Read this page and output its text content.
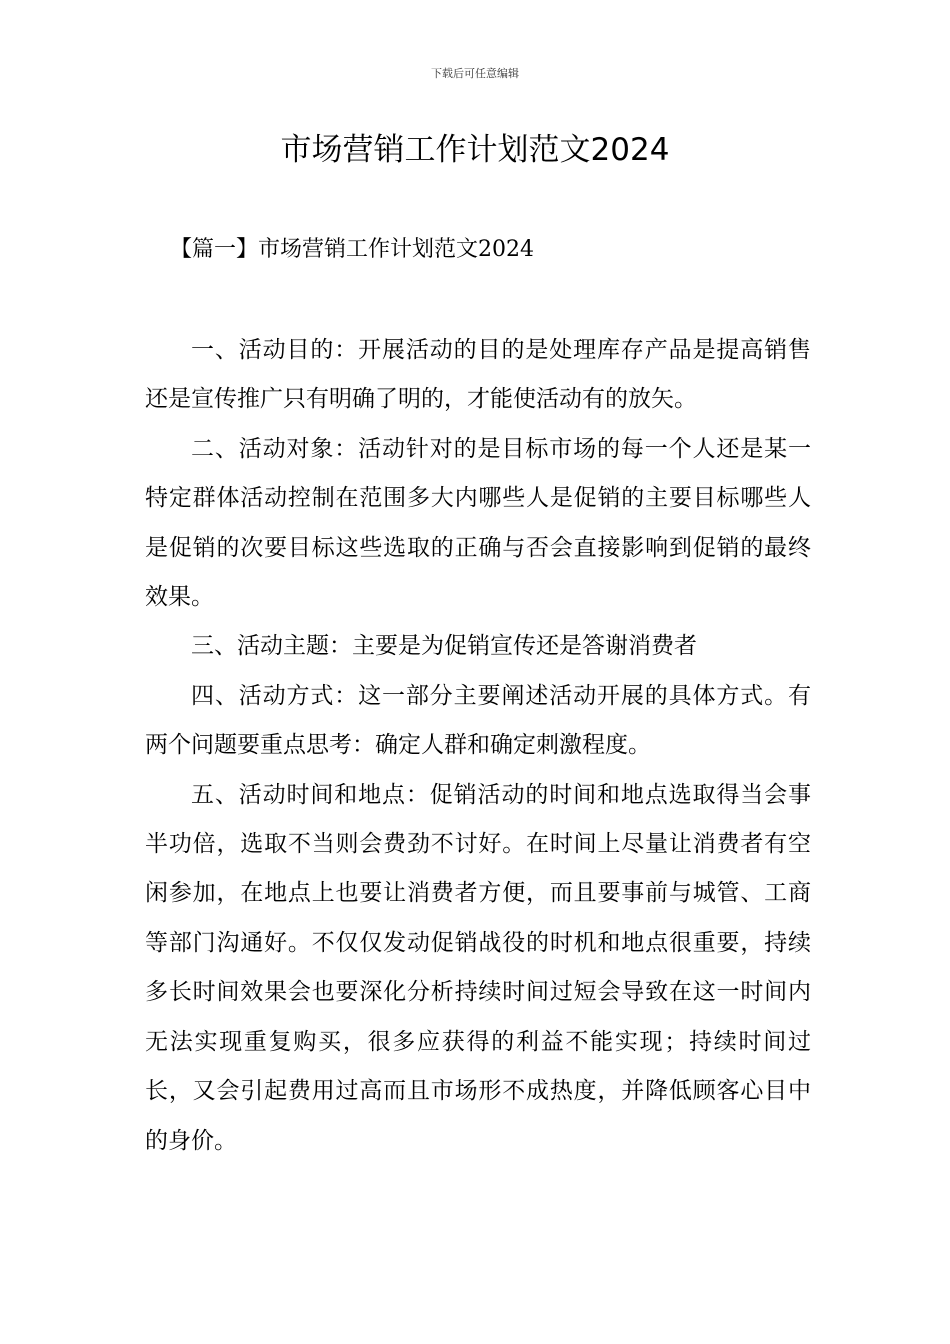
下载后可任意编辑
市场营销工作计划范文2024
【篇一】市场营销工作计划范文2024

一、活动目的：开展活动的目的是处理库存产品是提高销售还是宣传推广只有明确了明的，才能使活动有的放矢。

二、活动对象：活动针对的是目标市场的每一个人还是某一特定群体活动控制在范围多大内哪些人是促销的主要目标哪些人是促销的次要目标这些选取的正确与否会直接影响到促销的最终效果。

三、活动主题：主要是为促销宣传还是答谢消费者

四、活动方式：这一部分主要阐述活动开展的具体方式。有两个问题要重点思考：确定人群和确定刺激程度。

五、活动时间和地点：促销活动的时间和地点选取得当会事半功倍，选取不当则会费劲不讨好。在时间上尽量让消费者有空闲参加，在地点上也要让消费者方便，而且要事前与城管、工商等部门沟通好。不仅仅发动促销战役的时机和地点很重要，持续多长时间效果会也要深化分析持续时间过短会导致在这一时间内无法实现重复购买，很多应获得的利益不能实现；持续时间过长，又会引起费用过高而且市场形不成热度，并降低顾客心目中的身价。
